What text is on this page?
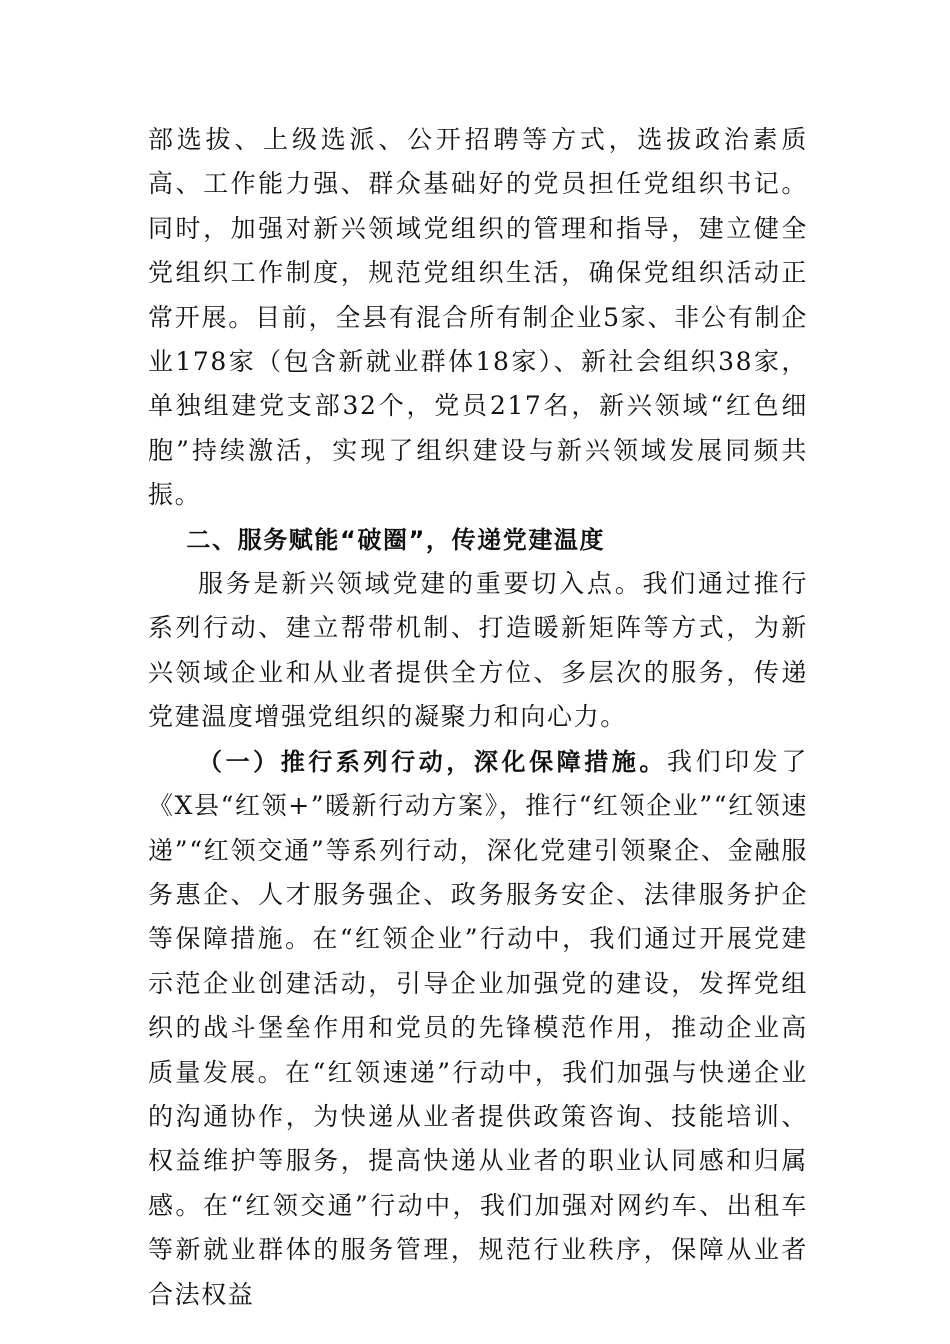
部选拔、上级选派、公开招聘等方式，选拔政治素质高、工作能力强、群众基础好的党员担任党组织书记。同时，加强对新兴领域党组织的管理和指导，建立健全党组织工作制度，规范党组织生活，确保党组织活动正常开展。目前，全县有混合所有制企业5家、非公有制企业178家（包含新就业群体18家）、新社会组织38家，单独组建党支部32个，党员217名，新兴领域“红色细胞”持续激活，实现了组织建设与新兴领域发展同频共振。

二、服务赋能“破圈”，传递党建温度

服务是新兴领域党建的重要切入点。我们通过推行系列行动、建立帮带机制、打造暖新矩阵等方式，为新兴领域企业和从业者提供全方位、多层次的服务，传递党建温度增强党组织的凝聚力和向心力。

（一）推行系列行动，深化保障措施。我们印发了《X县“红领+”暖新行动方案》，推行“红领企业”“红领速递”“红领交通”等系列行动，深化党建引领聚企、金融服务惠企、人才服务强企、政务服务安企、法律服务护企等保障措施。在“红领企业”行动中，我们通过开展党建示范企业创建活动，引导企业加强党的建设，发挥党组织的战斗堡垒作用和党员的先锋模范作用，推动企业高质量发展。在“红领速递”行动中，我们加强与快递企业的沟通协作，为快递从业者提供政策咨询、技能培训、权益维护等服务，提高快递从业者的职业认同感和归属感。在“红领交通”行动中，我们加强对网约车、出租车等新就业群体的服务管理，规范行业秩序，保障从业者合法权益
